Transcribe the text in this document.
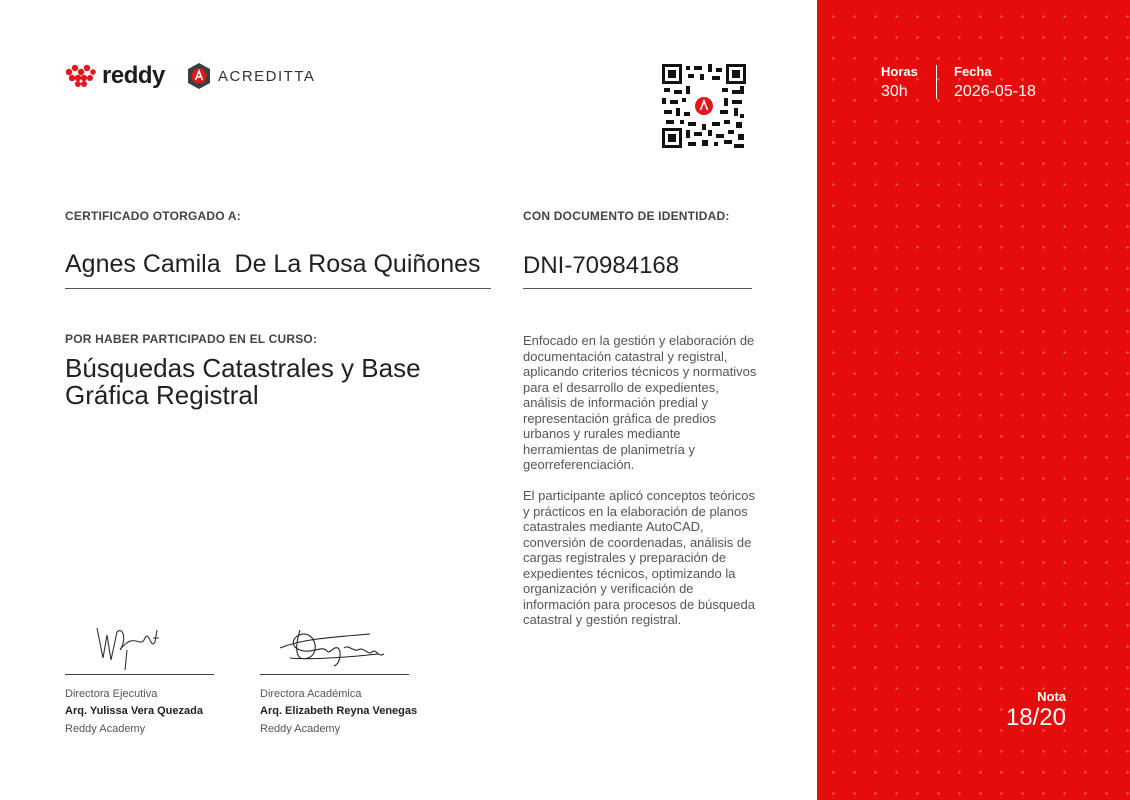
reddy	ACREDITTA
CERTIFICADO OTORGADO A:	CON DOCUMENTO DE IDENTIDAD:
Agnes Camila  De La Rosa Quiñones DNI-70984168
POR HABER PARTICIPADO EN EL CURSO:
Búsquedas Catastrales y Base Gráfica Registral
Enfocado en la gestión y elaboración de documentación catastral y registral, aplicando criterios técnicos y normativos para el desarrollo de expedientes, análisis de información predial y representación gráfica de predios urbanos y rurales mediante herramientas de planimetría y georreferenciación.
El participante aplicó conceptos teóricos y prácticos en la elaboración de planos catastrales mediante AutoCAD, conversión de coordenadas, análisis de cargas registrales y preparación de expedientes técnicos, optimizando la organización y verificación de información para procesos de búsqueda catastral y gestión registral.
Directora Ejecutiva
Arq. Yulissa Vera Quezada
Reddy Academy
Directora Académica
Arq. Elizabeth Reyna Venegas
Reddy Academy
Horas
30h
Fecha
2026-05-18
Nota
18/20
